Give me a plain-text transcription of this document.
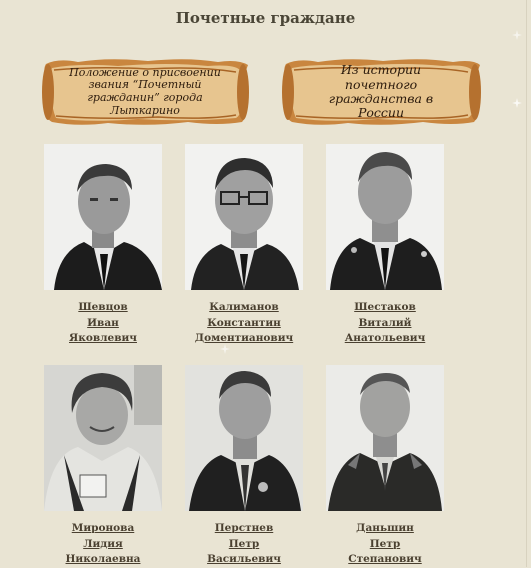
Почетные граждане
Положение о присвоении звания “Почетный гражданин” города Лыткарино
Из истории почетного гражданства в России
Шевцов
Иван
Яковлевич
Калиманов
Константин
Доментианович
Шестаков
Виталий
Анатольевич
Миронова
Лидия
Николаевна
Перстнев
Петр
Васильевич
Даньшин
Петр
Степанович
